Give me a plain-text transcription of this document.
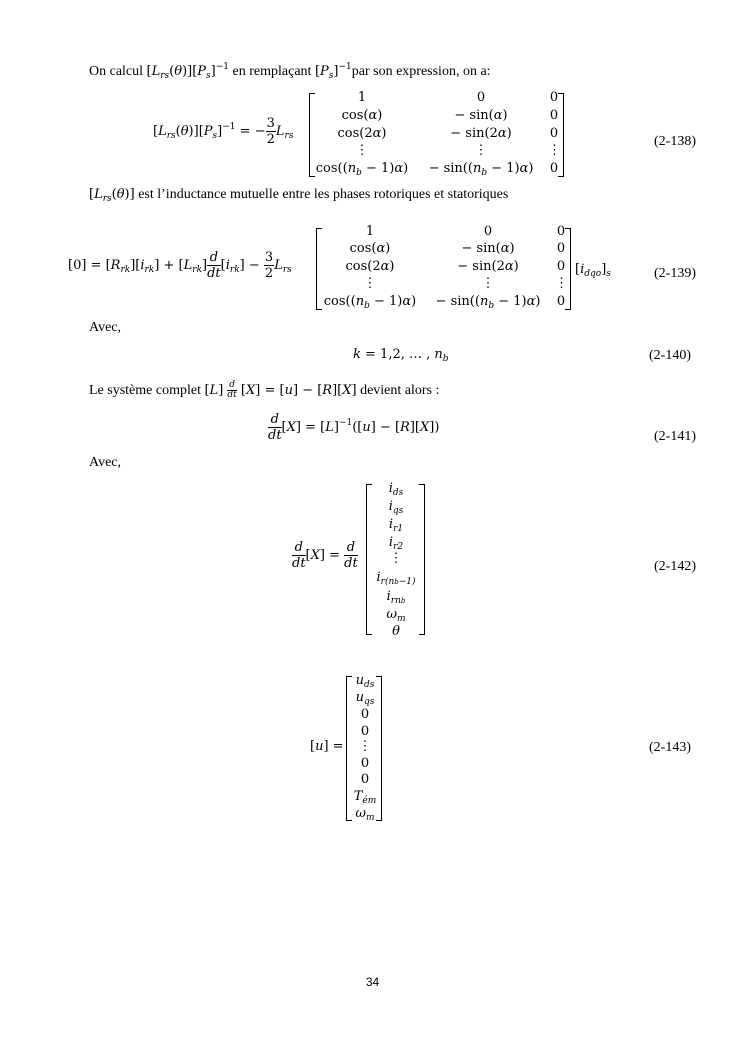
On calcul $[L_{rs}(\theta)][P_s]^{-1}$ en remplaçant $[P_s]^{-1}par$ son expression, on a:
$[L_{rs}(\theta)][P_s]^{-1}$ = − $\frac{3}{2} L_{rs}$
1
cos(α)
cos(2α)
⋮
$\cos((n_b - 1)\alpha)$
0
− sin(α)
− sin(2α)
⋮
− $\sin((n_b - 1)\alpha)$
0
0
0
⋮
0
(2-138)
$[L_{rs}(\theta)]$ est l’inductance mutuelle entre les phases rotoriques et statoriques
$[0] = [R_{rk}][i_{rk}] + [L_{rk}] \frac{d}{dt} [i_{rk}] - \frac{3}{2} L_{rs}$
1
cos(α)
cos(2α)
⋮
$\cos((n_b - 1)\alpha)$
0
− sin(α)
− sin(2α)
⋮
− $\sin((n_b - 1)\alpha)$
0
0
0
⋮
0
$[i_{dqo}]_s$	(2-139)
Avec,
k = 1,2, … , $n_b$	(2-140)
Le système complet $[L] \frac{d}{dt} [X] = [u] - [R][X]$ devient alors :
$\frac{d}{dt} [X] = [L]^{-1}([u] - [R][X])$
(2-141)
Avec,
$\frac{d}{dt} [X] = \frac{d}{dt}$
$i_{ds}$
$i_{qs}$
$i_{r1}$
$i_{r2}$
⋮
$i_{r(nb-1)}$
$i_{rnb}$
$\omega_m$
θ
(2-142)
[u] =
$u_{ds}$
$u_{qs}$
0
0
⋮
0
0
$T_{ém}$
$\omega_m$
(2-143)
34
